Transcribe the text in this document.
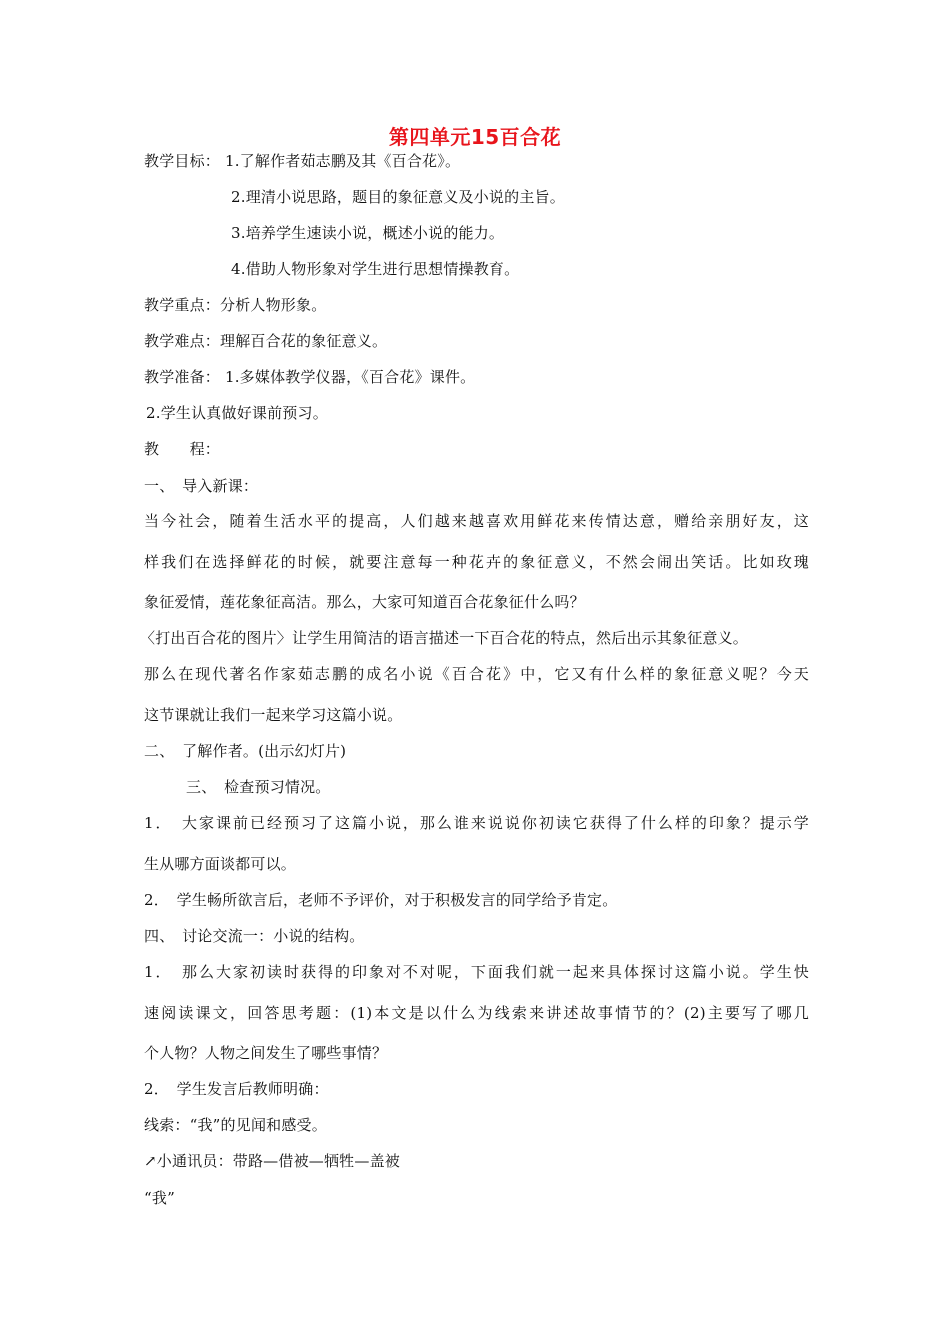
第四单元15百合花
教学目标： 1.了解作者茹志鹏及其《百合花》。
2.理清小说思路，题目的象征意义及小说的主旨。
3.培养学生速读小说，概述小说的能力。
4.借助人物形象对学生进行思想情操教育。
教学重点：分析人物形象。
教学难点：理解百合花的象征意义。
教学准备： 1.多媒体教学仪器，《百合花》课件。
2.学生认真做好课前预习。
教　　程：
一、　导入新课：
当今社会，随着生活水平的提高，人们越来越喜欢用鲜花来传情达意，赠给亲朋好友，这
样我们在选择鲜花的时候，就要注意每一种花卉的象征意义，不然会闹出笑话。比如玫瑰
象征爱情，莲花象征高洁。那么，大家可知道百合花象征什么吗？
〈打出百合花的图片〉让学生用简洁的语言描述一下百合花的特点，然后出示其象征意义。
那么在现代著名作家茹志鹏的成名小说《百合花》中，它又有什么样的象征意义呢？今天
这节课就让我们一起来学习这篇小说。
二、　了解作者。(出示幻灯片)
三、　检查预习情况。
1．　大家课前已经预习了这篇小说，那么谁来说说你初读它获得了什么样的印象？提示学
生从哪方面谈都可以。
2．　学生畅所欲言后，老师不予评价，对于积极发言的同学给予肯定。
四、　讨论交流一：小说的结构。
1．　那么大家初读时获得的印象对不对呢，下面我们就一起来具体探讨这篇小说。学生快
速阅读课文，回答思考题：(1)本文是以什么为线索来讲述故事情节的？(2)主要写了哪几
个人物？人物之间发生了哪些事情？
2．　学生发言后教师明确：
线索：“我”的见闻和感受。
↗小通讯员：带路—借被—牺牲—盖被
“我”
